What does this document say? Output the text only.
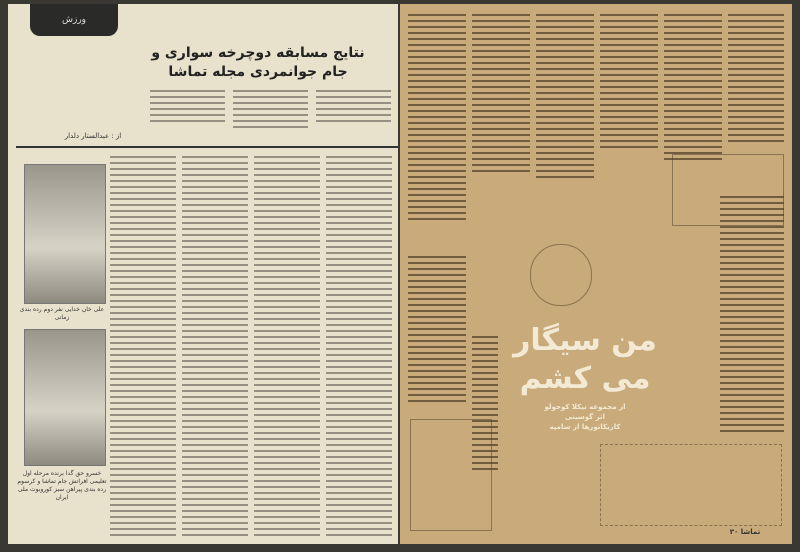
ورزش
نتایج مسابقه دوچرخه سواری و
جام جوانمردی مجله تماشا
از : عبدالستار دلدار
علی خان خدایی نفر دوم رده بندی زمانی
خسرو حق گدا برنده مرحله اول تعلیمی افراتش جام تماشا و کرسوم رده بندی پیراهن سبز کوروبوت ملی ایران
من سیگار
می کشم
از مجموعه نیکلا کوجولو
اثر گوسینی
کاریکاتورها از سامپه
تماشا ۳۰
